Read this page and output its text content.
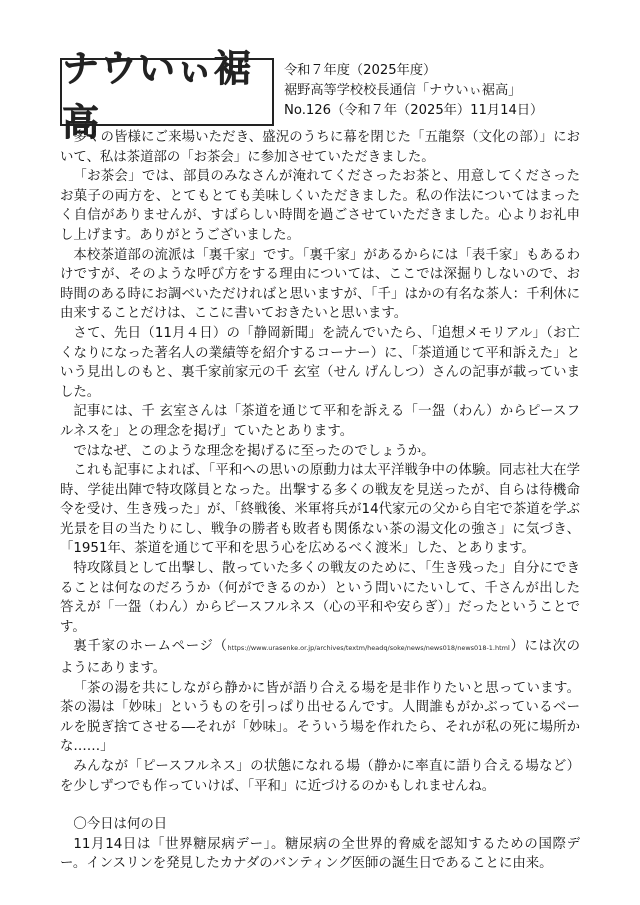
ナウいぃ裾高
令和７年度（2025年度）
裾野高等学校校長通信「ナウいぃ裾高」
No.126（令和７年（2025年）11月14日）

多くの皆様にご来場いただき、盛況のうちに幕を閉じた「五龍祭（文化の部）」において、私は茶道部の「お茶会」に参加させていただきました。

「お茶会」では、部員のみなさんが淹れてくださったお茶と、用意してくださったお菓子の両方を、とてもとても美味しくいただきました。私の作法についてはまったく自信がありませんが、すばらしい時間を過ごさせていただきました。心よりお礼申し上げます。ありがとうございました。

本校茶道部の流派は「裏千家」です。「裏千家」があるからには「表千家」もあるわけですが、そのような呼び方をする理由については、ここでは深掘りしないので、お時間のある時にお調べいただければと思いますが、「千」はかの有名な茶人：千利休に由来することだけは、ここに書いておきたいと思います。

さて、先日（11月４日）の「静岡新聞」を読んでいたら、「追想メモリアル」（お亡くなりになった著名人の業績等を紹介するコーナー）に、「茶道通じて平和訴えた」という見出しのもと、裏千家前家元の千 玄室（せん げんしつ）さんの記事が載っていました。

記事には、千 玄室さんは「茶道を通じて平和を訴える「一盌（わん）からピースフルネスを」との理念を掲げ」ていたとあります。

ではなぜ、このような理念を掲げるに至ったのでしょうか。

これも記事によれば、「平和への思いの原動力は太平洋戦争中の体験。同志社大在学時、学徒出陣で特攻隊員となった。出撃する多くの戦友を見送ったが、自らは待機命令を受け、生き残った」が、「終戦後、米軍将兵が14代家元の父から自宅で茶道を学ぶ光景を目の当たりにし、戦争の勝者も敗者も関係ない茶の湯文化の強さ」に気づき、「1951年、茶道を通じて平和を思う心を広めるべく渡米」した、とあります。

特攻隊員として出撃し、散っていた多くの戦友のために、「生き残った」自分にできることは何なのだろうか（何ができるのか）という問いにたいして、千さんが出した答えが「一盌（わん）からピースフルネス（心の平和や安らぎ）」だったということです。

裏千家のホームページ（https://www.urasenke.or.jp/archives/textm/headq/soke/news/news018/news018-1.html）には次のようにあります。

「茶の湯を共にしながら静かに皆が語り合える場を是非作りたいと思っています。茶の湯は「妙味」というものを引っぱり出せるんです。人間誰もがかぶっているベールを脱ぎ捨てさせる―それが「妙味」。そういう場を作れたら、それが私の死に場所かな……」

みんなが「ピースフルネス」の状態になれる場（静かに率直に語り合える場など）を少しずつでも作っていけば、「平和」に近づけるのかもしれませんね。

〇今日は何の日

11月14日は「世界糖尿病デー」。糖尿病の全世界的脅威を認知するための国際デー。インスリンを発見したカナダのバンティング医師の誕生日であることに由来。
